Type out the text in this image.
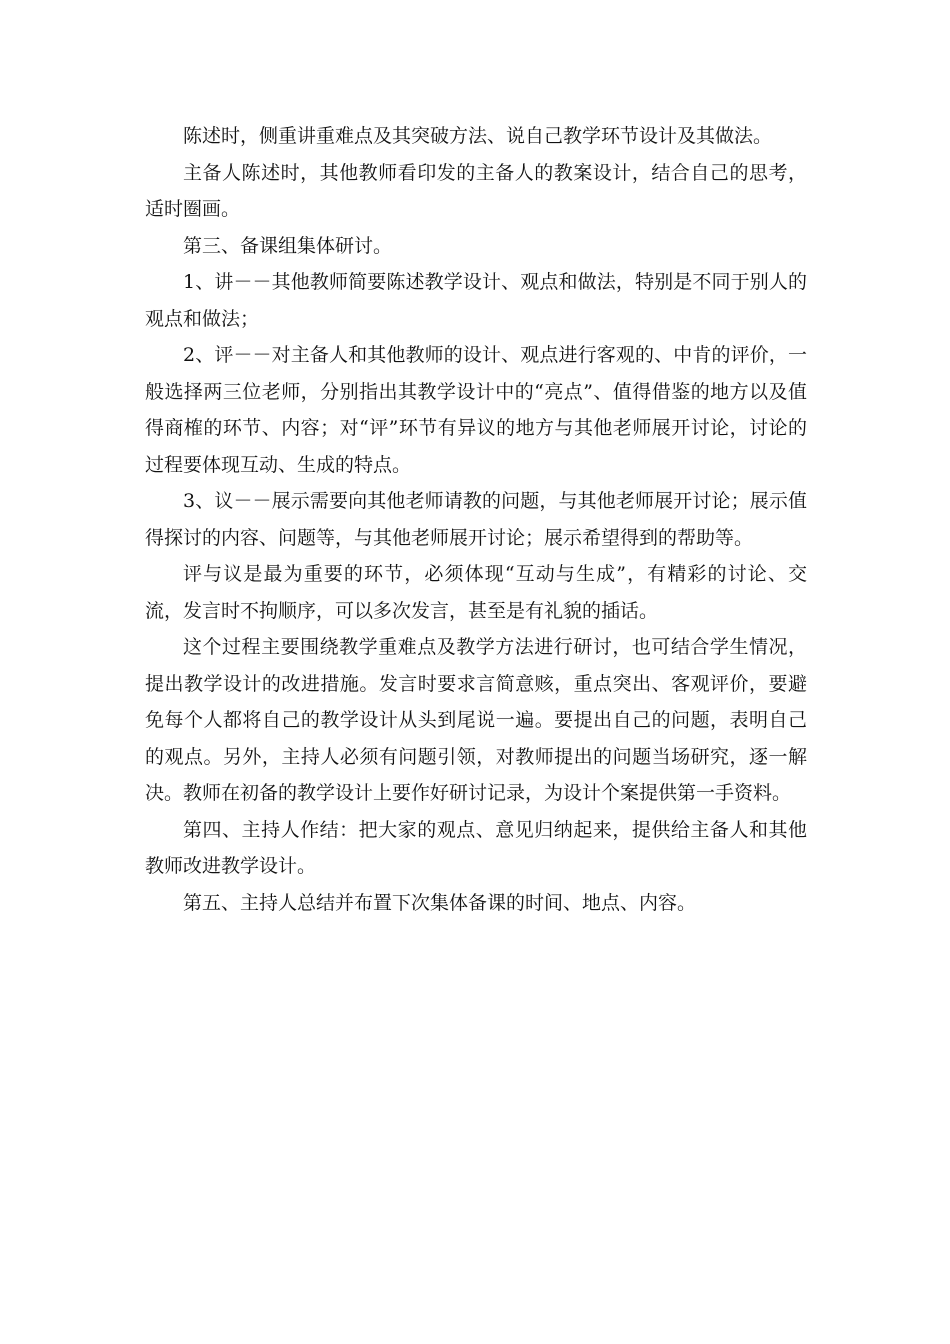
陈述时，侧重讲重难点及其突破方法、说自己教学环节设计及其做法。

主备人陈述时，其他教师看印发的主备人的教案设计，结合自己的思考，适时圈画。

第三、备课组集体研讨。

1、讲－－其他教师简要陈述教学设计、观点和做法，特别是不同于别人的观点和做法；

2、评－－对主备人和其他教师的设计、观点进行客观的、中肯的评价，一般选择两三位老师，分别指出其教学设计中的“亮点”、值得借鉴的地方以及值得商榷的环节、内容；对“评”环节有异议的地方与其他老师展开讨论，讨论的过程要体现互动、生成的特点。

3、议－－展示需要向其他老师请教的问题，与其他老师展开讨论；展示值得探讨的内容、问题等，与其他老师展开讨论；展示希望得到的帮助等。

评与议是最为重要的环节，必须体现“互动与生成”，有精彩的讨论、交流，发言时不拘顺序，可以多次发言，甚至是有礼貌的插话。

这个过程主要围绕教学重难点及教学方法进行研讨，也可结合学生情况，提出教学设计的改进措施。发言时要求言简意赅，重点突出、客观评价，要避免每个人都将自己的教学设计从头到尾说一遍。要提出自己的问题，表明自己的观点。另外，主持人必须有问题引领，对教师提出的问题当场研究，逐一解决。教师在初备的教学设计上要作好研讨记录，为设计个案提供第一手资料。

第四、主持人作结：把大家的观点、意见归纳起来，提供给主备人和其他教师改进教学设计。

第五、主持人总结并布置下次集体备课的时间、地点、内容。
